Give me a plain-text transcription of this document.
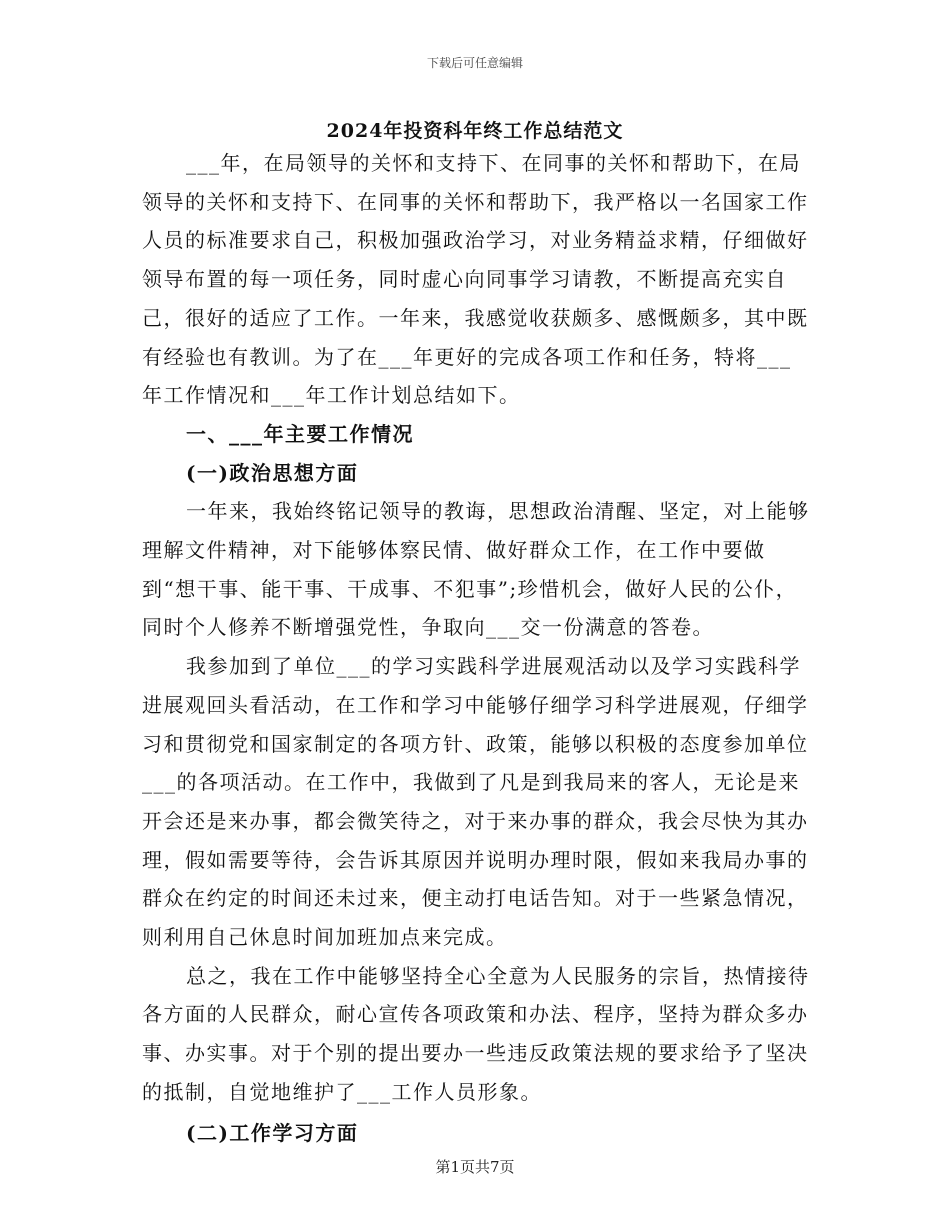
下载后可任意编辑
2024年投资科年终工作总结范文

___年，在局领导的关怀和支持下、在同事的关怀和帮助下，在局领导的关怀和支持下、在同事的关怀和帮助下，我严格以一名国家工作人员的标准要求自己，积极加强政治学习，对业务精益求精，仔细做好领导布置的每一项任务，同时虚心向同事学习请教，不断提高充实自己，很好的适应了工作。一年来，我感觉收获颇多、感慨颇多，其中既有经验也有教训。为了在___年更好的完成各项工作和任务，特将___年工作情况和___年工作计划总结如下。

一、___年主要工作情况

(一)政治思想方面

一年来，我始终铭记领导的教诲，思想政治清醒、坚定，对上能够理解文件精神，对下能够体察民情、做好群众工作，在工作中要做到“想干事、能干事、干成事、不犯事”;珍惜机会，做好人民的公仆，同时个人修养不断增强党性，争取向___交一份满意的答卷。

我参加到了单位___的学习实践科学进展观活动以及学习实践科学进展观回头看活动，在工作和学习中能够仔细学习科学进展观，仔细学习和贯彻党和国家制定的各项方针、政策，能够以积极的态度参加单位___的各项活动。在工作中，我做到了凡是到我局来的客人，无论是来开会还是来办事，都会微笑待之，对于来办事的群众，我会尽快为其办理，假如需要等待，会告诉其原因并说明办理时限，假如来我局办事的群众在约定的时间还未过来，便主动打电话告知。对于一些紧急情况，则利用自己休息时间加班加点来完成。

总之，我在工作中能够坚持全心全意为人民服务的宗旨，热情接待各方面的人民群众，耐心宣传各项政策和办法、程序，坚持为群众多办事、办实事。对于个别的提出要办一些违反政策法规的要求给予了坚决的抵制，自觉地维护了___工作人员形象。

(二)工作学习方面

第1页共7页
